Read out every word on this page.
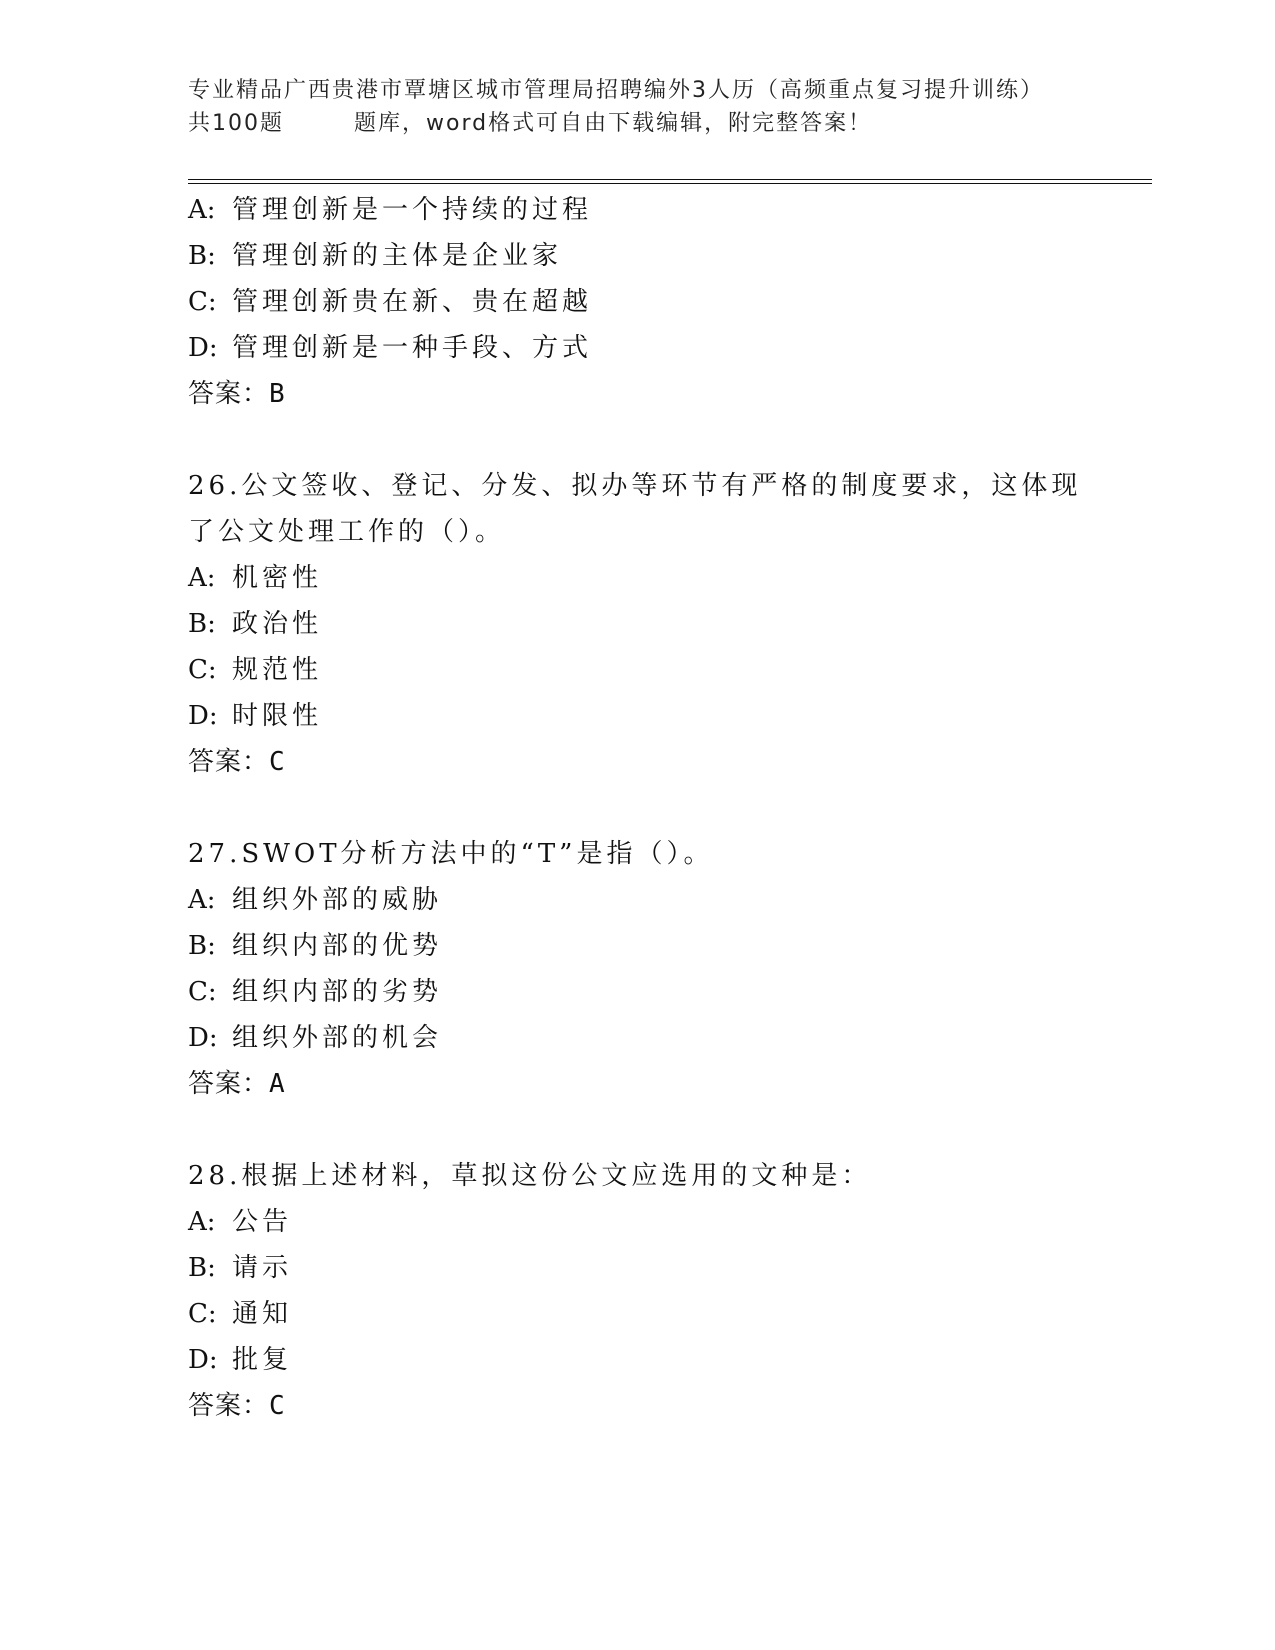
专业精品广西贵港市覃塘区城市管理局招聘编外3人历（高频重点复习提升训练）
共100题	题库，word格式可自由下载编辑，附完整答案！
A: 管理创新是一个持续的过程
B: 管理创新的主体是企业家
C: 管理创新贵在新、贵在超越
D: 管理创新是一种手段、方式
答案：B
26.公文签收、登记、分发、拟办等环节有严格的制度要求，这体现了公文处理工作的（）。
A: 机密性
B: 政治性
C: 规范性
D: 时限性
答案：C
27.SWOT分析方法中的“T”是指（）。
A: 组织外部的威胁
B: 组织内部的优势
C: 组织内部的劣势
D: 组织外部的机会
答案：A
28.根据上述材料，草拟这份公文应选用的文种是：
A: 公告
B: 请示
C: 通知
D: 批复
答案：C
